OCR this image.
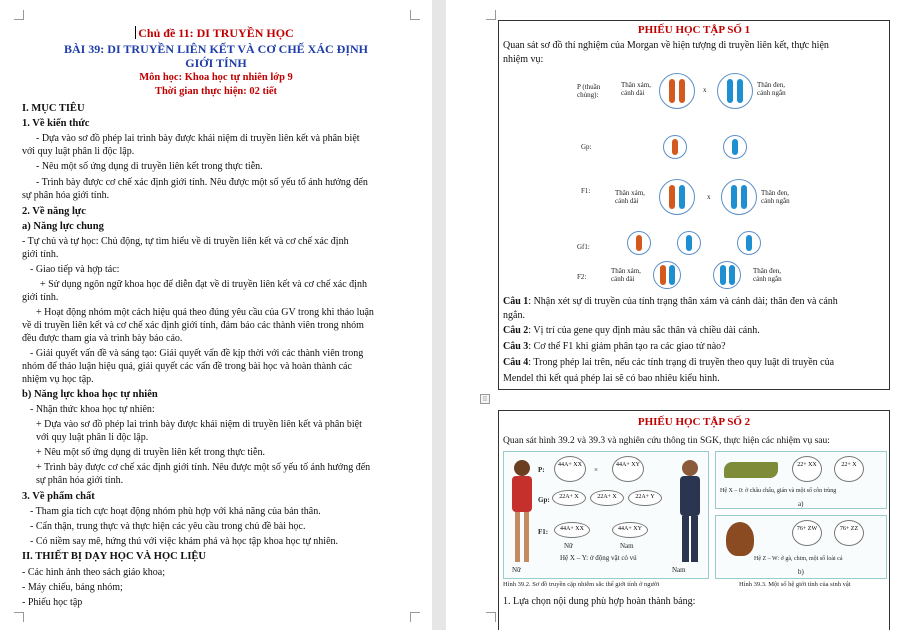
Chủ đề 11: DI TRUYỀN HỌC
BÀI 39: DI TRUYỀN LIÊN KẾT VÀ CƠ CHẾ XÁC ĐỊNH
GIỚI TÍNH
Môn học: Khoa học tự nhiên lớp 9
Thời gian thực hiện: 02 tiết
I. MỤC TIÊU
1. Về kiến thức
- Dựa vào sơ đồ phép lai trình bày được khái niệm di truyền liên kết và phân biệt
với quy luật phân li độc lập.
- Nêu một số ứng dụng di truyền liên kết trong thực tiễn.
- Trình bày được cơ chế xác định giới tính. Nêu được một số yếu tố ảnh hưởng đến
sự phân hóa giới tính.
2. Về năng lực
a) Năng lực chung
- Tự chủ và tự học: Chủ động, tự tìm hiểu về di truyền liên kết và cơ chế xác định
giới tính.
- Giao tiếp và hợp tác:
+ Sử dụng ngôn ngữ khoa học để diễn đạt về di truyền liên kết và cơ chế xác định
giới tính.
+ Hoạt động nhóm một cách hiệu quả theo đúng yêu cầu của GV trong khi thảo luận
về di truyền liên kết và cơ chế xác định giới tính, đảm bảo các thành viên trong nhóm
đều được tham gia và trình bày báo cáo.
- Giải quyết vấn đề và sáng tạo: Giải quyết vấn đề kịp thời với các thành viên trong
nhóm để thảo luận hiệu quả, giải quyết các vấn đề trong bài học và hoàn thành các
nhiệm vụ học tập.
b) Năng lực khoa học tự nhiên
- Nhận thức khoa học tự nhiên:
+ Dựa vào sơ đồ phép lai trình bày được khái niệm di truyền liên kết và phân biệt
với quy luật phân li độc lập.
+ Nêu một số ứng dụng di truyền liên kết trong thực tiễn.
+ Trình bày được cơ chế xác định giới tính. Nêu được một số yếu tố ảnh hưởng đến
sự phân hóa giới tính.
3. Về phẩm chất
- Tham gia tích cực hoạt động nhóm phù hợp với khả năng của bản thân.
- Cẩn thận, trung thực và thực hiện các yêu cầu trong chủ đề bài học.
- Có niềm say mê, hứng thú với việc khám phá và học tập khoa học tự nhiên.
II. THIẾT BỊ DẠY HỌC VÀ HỌC LIỆU
- Các hình ảnh theo sách giáo khoa;
- Máy chiếu, bảng nhóm;
- Phiếu học tập
PHIẾU HỌC TẬP SỐ 1
Quan sát sơ đồ thí nghiệm của Morgan về hiện tượng di truyền liên kết, thực hiện
nhiệm vụ:
P (thuần
chủng):
Thân xám,
cánh dài	x
Thân đen,
cánh ngắn
Gp:
F1:	Thân xám,
cánh dài	x	Thân đen,
cánh ngắn
Gf1:
F2:
Thân xám,
cánh dài
Thân đen,
cánh ngắn
Câu 1: Nhận xét sự di truyền của tính trạng thân xám và cánh dài; thân đen và cánh
ngắn.
Câu 2: Vị trí của gene quy định màu sắc thân và chiều dài cánh.
Câu 3: Cơ thể F1 khi giảm phân tạo ra các giao tử nào?
Câu 4: Trong phép lai trên, nếu các tính trạng di truyền theo quy luật di truyền của
Mendel thì kết quả phép lai sẽ có bao nhiêu kiểu hình.
⁞⁞
PHIẾU HỌC TẬP SỐ 2
Quan sát hình 39.2 và 39.3 và nghiên cứu thông tin SGK, thực hiện các nhiệm vụ sau:
Nữ	Nam
P:
44A+ XX
×
44A+ XY
Gp:	22A+ X	22A+ X	22A+ Y
F1:	44A+ XX	44A+ XY
Nữ	Nam
Hệ X – Y: ở động vật có vú
Hình 39.2. Sơ đồ truyền cặp nhiễm sắc thể giới tính ở người
22+ XX	22+ X
Hệ X – 0: ở châu chấu, gián và một số côn trùng
a)
76+ ZW	76+ ZZ
Hệ Z – W: ở gà, chim, một số loài cá
b)
Hình 39.3. Một số hệ giới tính của sinh vật
1. Lựa chọn nội dung phù hợp hoàn thành bảng:
